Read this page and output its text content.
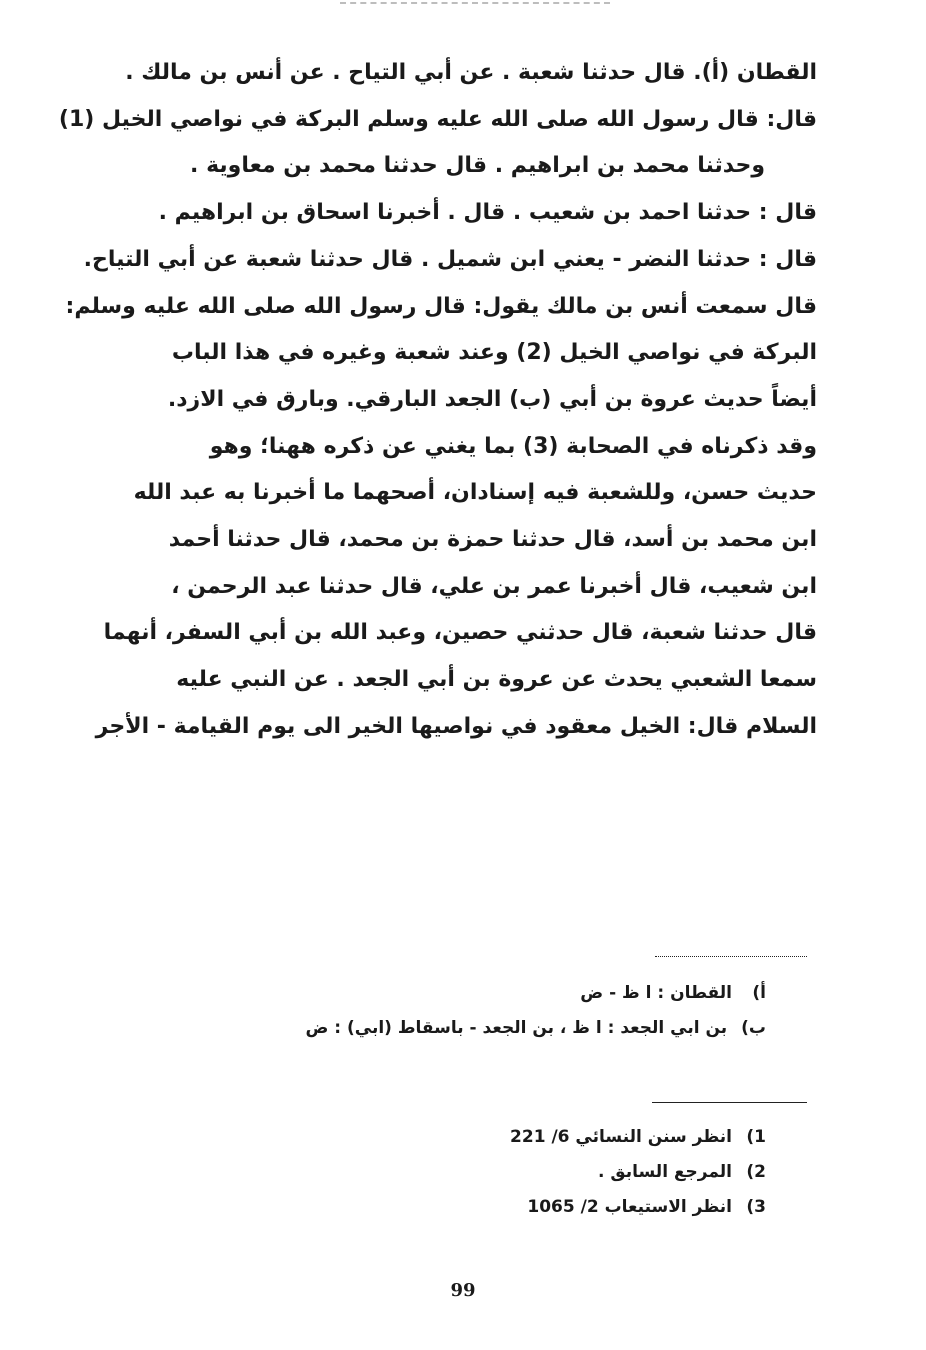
القطان (أ). قال حدثنا شعبة . عن أبي التياح . عن أنس بن مالك .
قال: قال رسول الله صلى الله عليه وسلم البركة في نواصي الخيل (1)
وحدثنا محمد بن ابراهيم . قال حدثنا محمد بن معاوية .
قال : حدثنا احمد بن شعيب . قال . أخبرنا اسحاق بن ابراهيم .
قال : حدثنا النضر - يعني ابن شميل . قال حدثنا شعبة عن أبي التياح.
قال سمعت أنس بن مالك يقول: قال رسول الله صلى الله عليه وسلم:
البركة في نواصي الخيل (2) وعند شعبة وغيره في هذا الباب
أيضاً حديث عروة بن أبي (ب) الجعد البارقي. وبارق في الازد.
وقد ذكرناه في الصحابة (3) بما يغني عن ذكره ههنا؛ وهو
حديث حسن، وللشعبة فيه إسنادان، أصحهما ما أخبرنا به عبد الله
ابن محمد بن أسد، قال حدثنا حمزة بن محمد، قال حدثنا أحمد
ابن شعيب، قال أخبرنا عمر بن علي، قال حدثنا عبد الرحمن ،
قال حدثنا شعبة، قال حدثني حصين، وعبد الله بن أبي السفر، أنهما
سمعا الشعبي يحدث عن عروة بن أبي الجعد . عن النبي عليه
السلام قال: الخيل معقود في نواصيها الخير الى يوم القيامة - الأجر
أ)القطان : ا ظ - ض
ب)بن ابي الجعد : ا ظ ، بن الجعد - باسقاط (ابي) : ض
1)انظر سنن النسائي 6/ 221
2)المرجع السابق .
3)انظر الاستيعاب 2/ 1065
99
